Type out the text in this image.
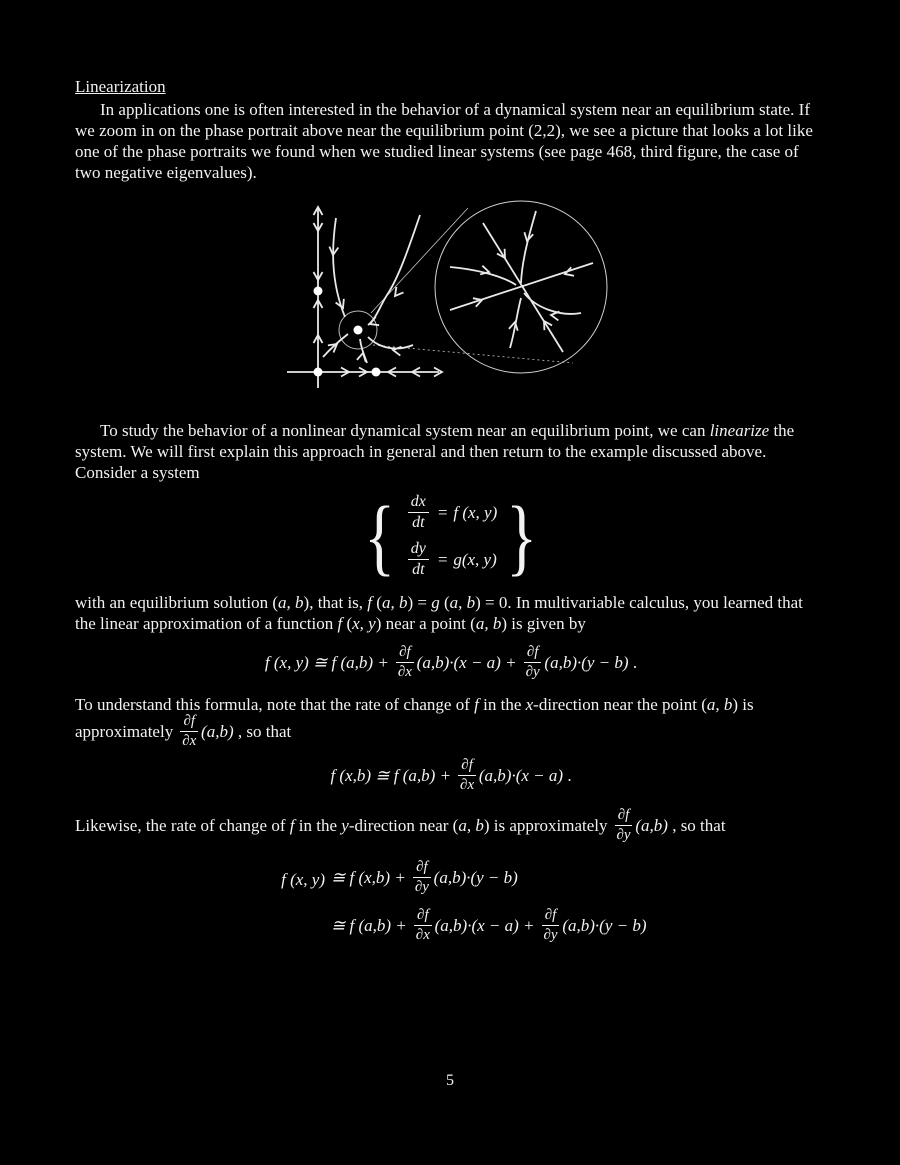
Linearization

In applications one is often interested in the behavior of a dynamical system near an equilibrium state. If we zoom in on the phase portrait above near the equilibrium point (2,2), we see a picture that looks a lot like one of the phase portraits we found when we studied linear systems (see page 468, third figure, the case of two negative eigenvalues).

To study the behavior of a nonlinear dynamical system near an equilibrium point, we can linearize the system. We will first explain this approach in general and then return to the example discussed above. Consider a system

{ $\frac{dx}{dt} = f$ (x, y)
$\frac{dy}{dt} = g(x$, y) }

with an equilibrium solution (a, b), that is, f (a, b) = g (a, b) = 0. In multivariable calculus, you learned that the linear approximation of a function f (x, y) near a point (a, b) is given by

f (x, y) ≅ f $(a,b) + \frac{\partial f}{\partial x} (a,b)\cdot(x - a) + \frac{\partial f}{\partial y} (a,b)\cdot(y - b)$ .

To understand this formula, note that the rate of change of f in the x-direction near the point (a, b) is approximately $\frac{\partial f}{\partial x} (a,b)$ , so that

f (x,b) ≅ f $(a,b) + \frac{\partial f}{\partial x} (a,b)\cdot(x - a)$ .

Likewise, the rate of change of f in the y-direction near (a, b) is approximately $\frac{\partial f}{\partial y} (a,b)$ , so that

f (x, y) ≅ f $(x,b) + \frac{\partial f}{\partial y} (a,b)\cdot(y - b)$
≅ f $(a,b) + \frac{\partial f}{\partial x} (a,b)\cdot(x - a) + \frac{\partial f}{\partial y} (a,b)\cdot(y - b)$
5
